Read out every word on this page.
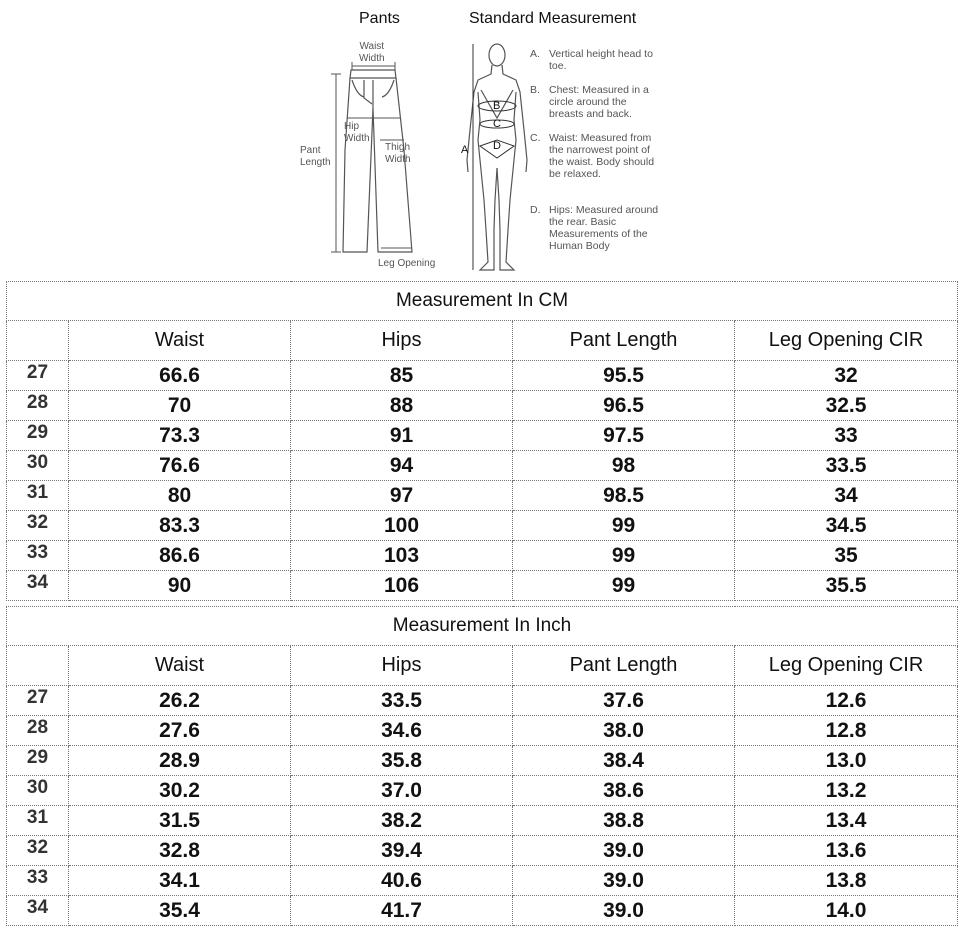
Pants	Standard Measurement
Waist
Width
Hip
Width
Thigh
Width
Pant
Length
Leg Opening
A
B
C
D
A. Vertical height head to toe.
B. Chest: Measured in a circle around the breasts and back.
C. Waist: Measured from the narrowest point of the waist. Body should be relaxed.
D. Hips: Measured around the rear. Basic Measurements of the Human Body
Measurement In CM				
	Waist	Hips	Pant Length	Leg Opening CIR
27	66.6	85	95.5	32
28	70	88	96.5	32.5
29	73.3	91	97.5	33
30	76.6	94	98	33.5
31	80	97	98.5	34
32	83.3	100	99	34.5
33	86.6	103	99	35
34	90	106	99	35.5
Measurement In Inch				
	Waist	Hips	Pant Length	Leg Opening CIR
27	26.2	33.5	37.6	12.6
28	27.6	34.6	38.0	12.8
29	28.9	35.8	38.4	13.0
30	30.2	37.0	38.6	13.2
31	31.5	38.2	38.8	13.4
32	32.8	39.4	39.0	13.6
33	34.1	40.6	39.0	13.8
34	35.4	41.7	39.0	14.0
